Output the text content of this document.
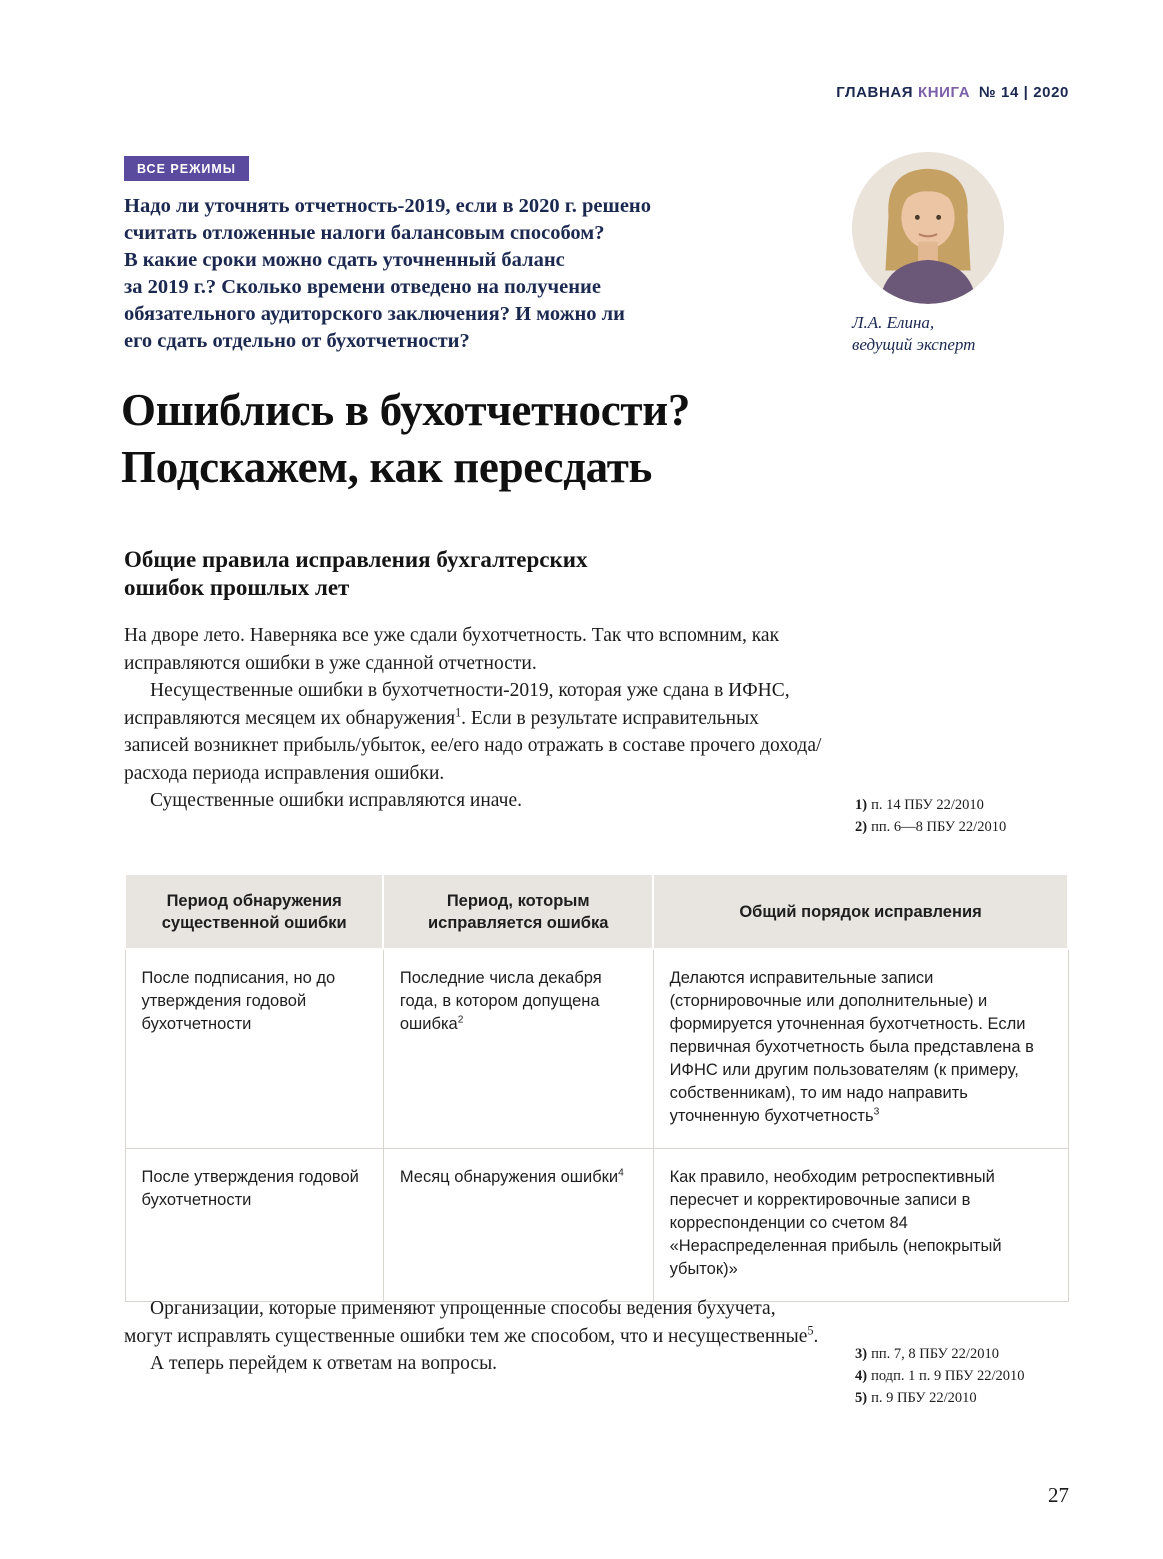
ГЛАВНАЯ КНИГА № 14 | 2020
ВСЕ РЕЖИМЫ
Надо ли уточнять отчетность-2019, если в 2020 г. решено
считать отложенные налоги балансовым способом?
В какие сроки можно сдать уточненный баланс
за 2019 г.? Сколько времени отведено на получение
обязательного аудиторского заключения? И можно ли
его сдать отдельно от бухотчетности?
Л.А. Елина,
ведущий эксперт
Ошиблись в бухотчетности?
Подскажем, как пересдать
Общие правила исправления бухгалтерских
ошибок прошлых лет

На дворе лето. Наверняка все уже сдали бухотчетность. Так что вспомним, как исправляются ошибки в уже сданной отчетности.

Несущественные ошибки в бухотчетности-2019, которая уже сдана в ИФНС, исправляются месяцем их обнаружения$^1$. Если в результате исправительных записей возникнет прибыль/убыток, ее/его надо отражать в составе прочего дохода/расхода периода исправления ошибки.

Существенные ошибки исправляются иначе.	1) п. 14 ПБУ 22/2010
2) пп. 6—8 ПБУ 22/2010
Период обнаружения существенной ошибки	Период, которым исправляется ошибка	Общий порядок исправления
После подписания, но до утверждения годовой бухотчетности	Последние числа декабря года, в котором допущена ошибка$^2$	Делаются исправительные записи (сторнировочные или дополнительные) и формируется уточненная бухотчетность. Если первичная бухотчетность была представлена в ИФНС или другим пользователям (к примеру, собственникам), то им надо направить уточненную бухотчетность$^3$
После утверждения годовой бухотчетности	Месяц обнаружения ошибки$^4$	Как правило, необходим ретроспективный пересчет и корректировочные записи в корреспонденции со счетом 84 «Нераспределенная прибыль (непокрытый убыток)»

Организации, которые применяют упрощенные способы ведения бухучета, могут исправлять существенные ошибки тем же способом, что и несущественные$^5$.

А теперь перейдем к ответам на вопросы.	3) пп. 7, 8 ПБУ 22/2010
4) подп. 1 п. 9 ПБУ 22/2010
5) п. 9 ПБУ 22/2010
27
